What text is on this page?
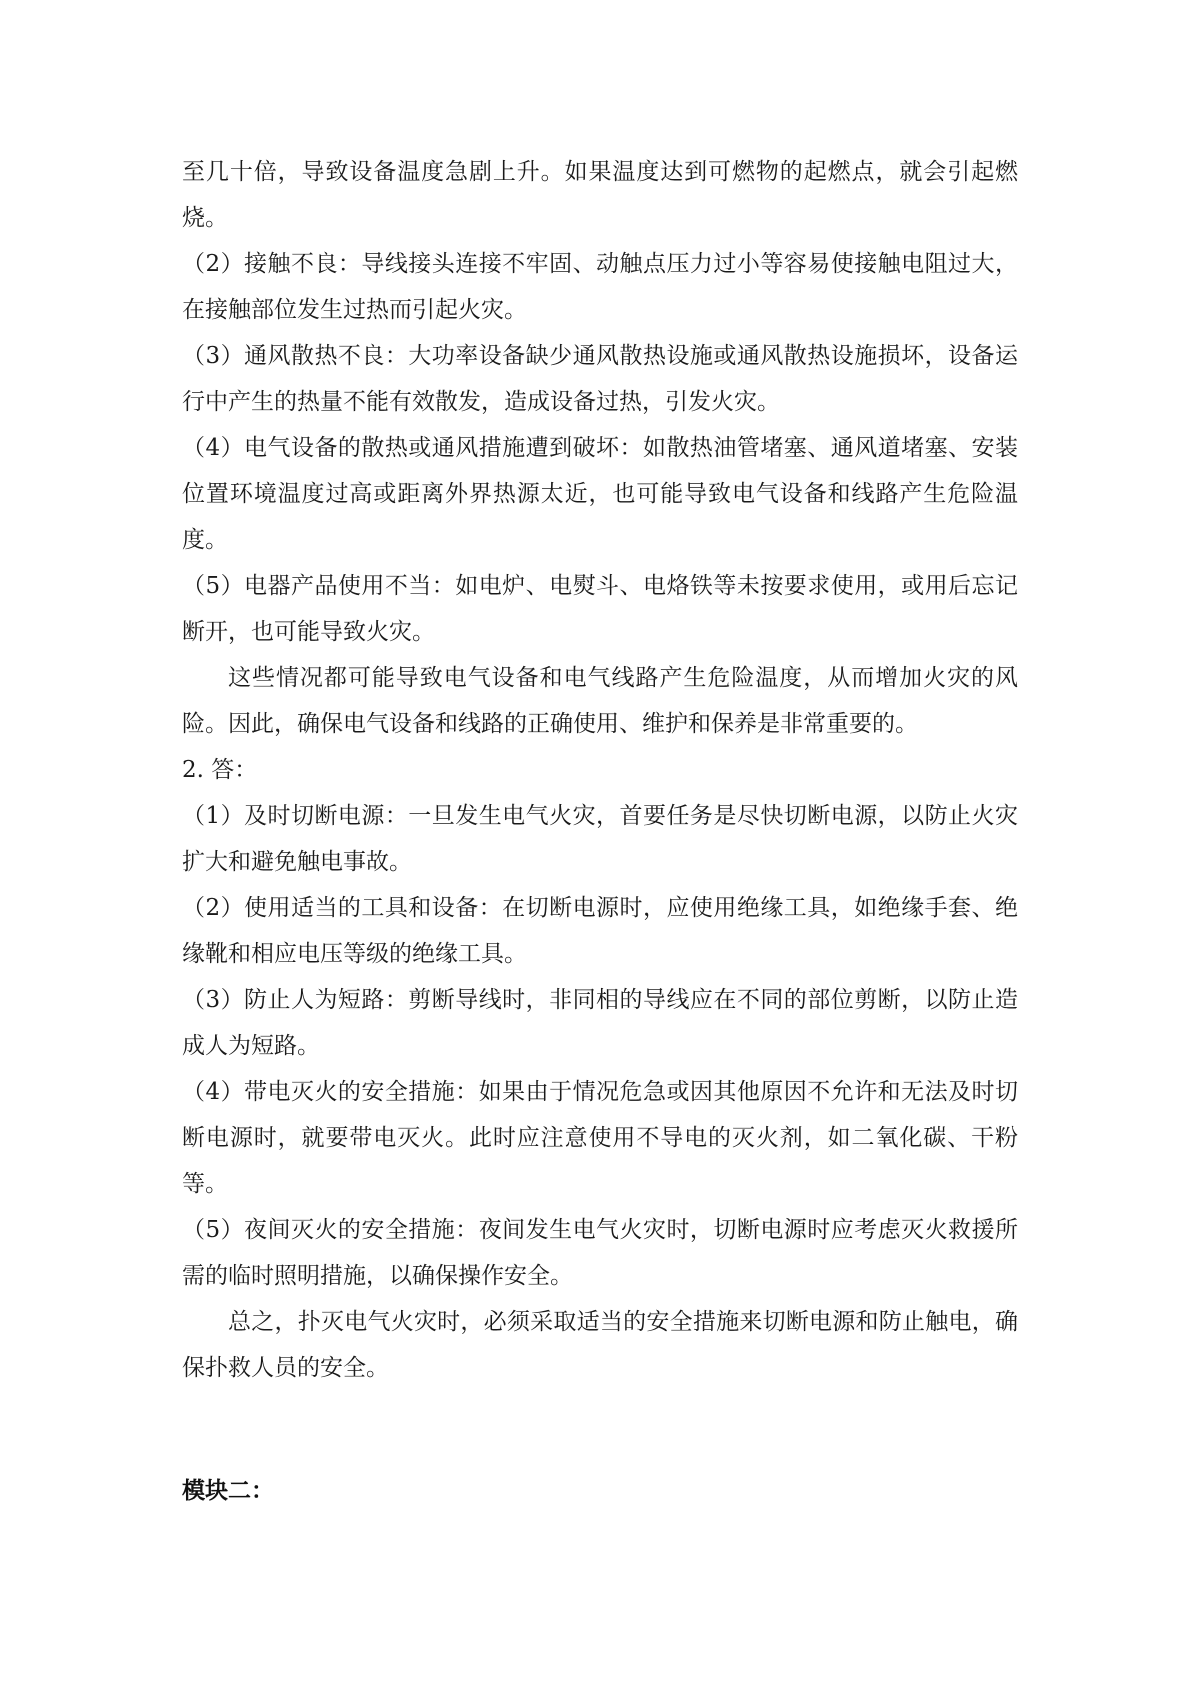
至几十倍，导致设备温度急剧上升。如果温度达到可燃物的起燃点，就会引起燃烧。

（2）接触不良：导线接头连接不牢固、动触点压力过小等容易使接触电阻过大，在接触部位发生过热而引起火灾。

（3）通风散热不良：大功率设备缺少通风散热设施或通风散热设施损坏，设备运行中产生的热量不能有效散发，造成设备过热，引发火灾。

（4）电气设备的散热或通风措施遭到破坏：如散热油管堵塞、通风道堵塞、安装位置环境温度过高或距离外界热源太近，也可能导致电气设备和线路产生危险温度。

（5）电器产品使用不当：如电炉、电熨斗、电烙铁等未按要求使用，或用后忘记断开，也可能导致火灾。

这些情况都可能导致电气设备和电气线路产生危险温度，从而增加火灾的风险。因此，确保电气设备和线路的正确使用、维护和保养是非常重要的。

2. 答：

（1）及时切断电源：一旦发生电气火灾，首要任务是尽快切断电源，以防止火灾扩大和避免触电事故。

（2）使用适当的工具和设备：在切断电源时，应使用绝缘工具，如绝缘手套、绝缘靴和相应电压等级的绝缘工具。

（3）防止人为短路：剪断导线时，非同相的导线应在不同的部位剪断，以防止造成人为短路。

（4）带电灭火的安全措施：如果由于情况危急或因其他原因不允许和无法及时切断电源时，就要带电灭火。此时应注意使用不导电的灭火剂，如二氧化碳、干粉等。

（5）夜间灭火的安全措施：夜间发生电气火灾时，切断电源时应考虑灭火救援所需的临时照明措施，以确保操作安全。

总之，扑灭电气火灾时，必须采取适当的安全措施来切断电源和防止触电，确保扑救人员的安全。

模块二：
